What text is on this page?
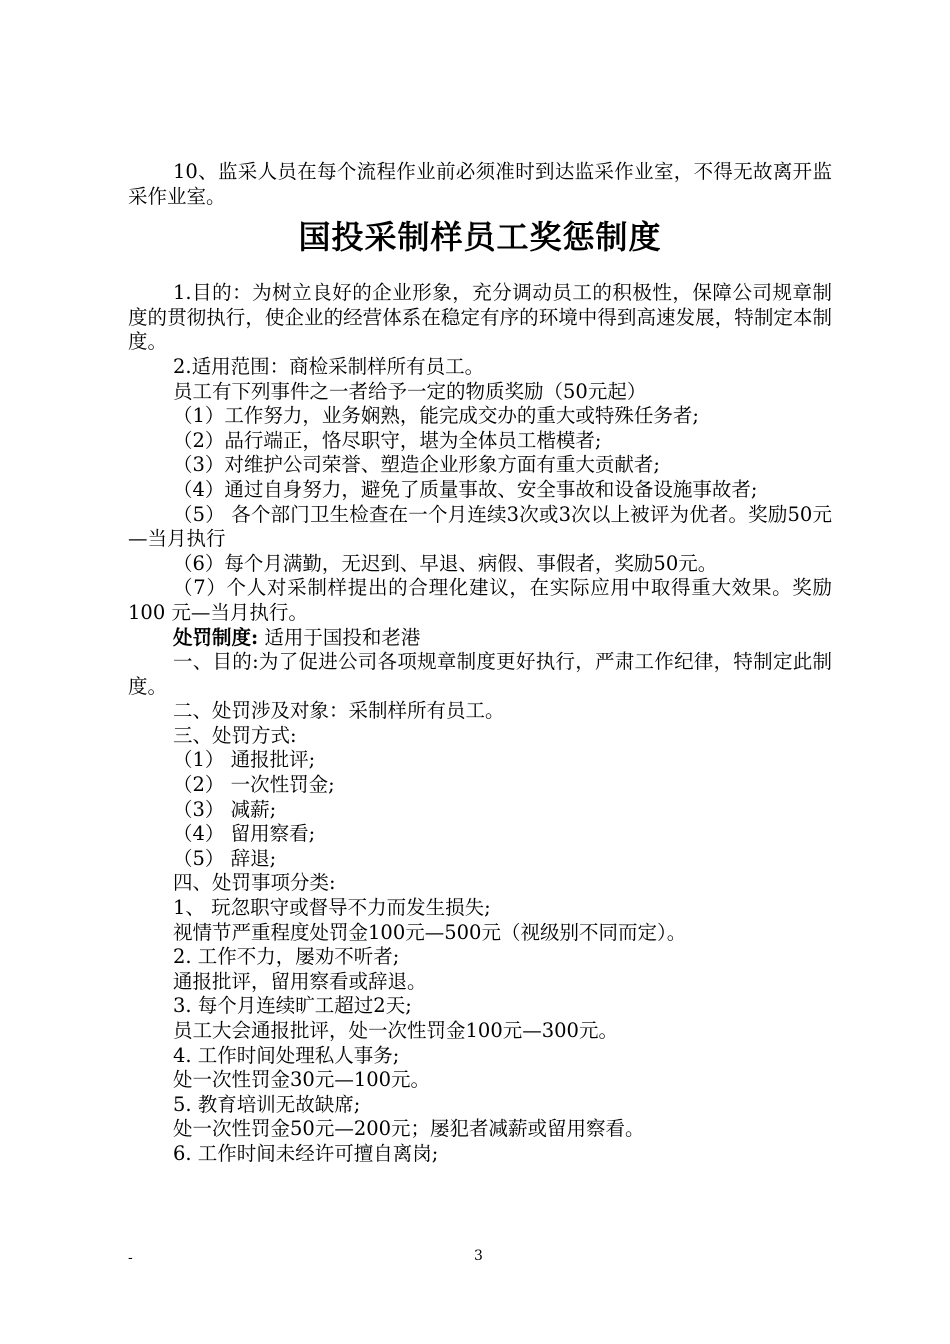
10、监采人员在每个流程作业前必须准时到达监采作业室，不得无故离开监采作业室。
国投采制样员工奖惩制度
1.目的：为树立良好的企业形象，充分调动员工的积极性，保障公司规章制度的贯彻执行，使企业的经营体系在稳定有序的环境中得到高速发展，特制定本制度。
2.适用范围：商检采制样所有员工。
员工有下列事件之一者给予一定的物质奖励（50元起）
（1）工作努力，业务娴熟，能完成交办的重大或特殊任务者;
（2）品行端正，恪尽职守，堪为全体员工楷模者;
（3）对维护公司荣誉、塑造企业形象方面有重大贡献者;
（4）通过自身努力，避免了质量事故、安全事故和设备设施事故者;
（5） 各个部门卫生检查在一个月连续3次或3次以上被评为优者。奖励50元—当月执行
（6）每个月满勤，无迟到、早退、病假、事假者，奖励50元。
（7）个人对采制样提出的合理化建议，在实际应用中取得重大效果。奖励100 元—当月执行。
处罚制度: 适用于国投和老港
一、目的:为了促进公司各项规章制度更好执行，严肃工作纪律，特制定此制度。
二、处罚涉及对象：采制样所有员工。
三、处罚方式:
（1） 通报批评;
（2） 一次性罚金;
（3） 减薪;
（4） 留用察看;
（5） 辞退;
四、处罚事项分类:
1、 玩忽职守或督导不力而发生损失;
视情节严重程度处罚金100元—500元（视级别不同而定）。
2. 工作不力，屡劝不听者;
通报批评，留用察看或辞退。
3. 每个月连续旷工超过2天;
员工大会通报批评，处一次性罚金100元—300元。
4. 工作时间处理私人事务;
处一次性罚金30元—100元。
5. 教育培训无故缺席;
处一次性罚金50元—200元；屡犯者减薪或留用察看。
6. 工作时间未经许可擅自离岗;
-	3
